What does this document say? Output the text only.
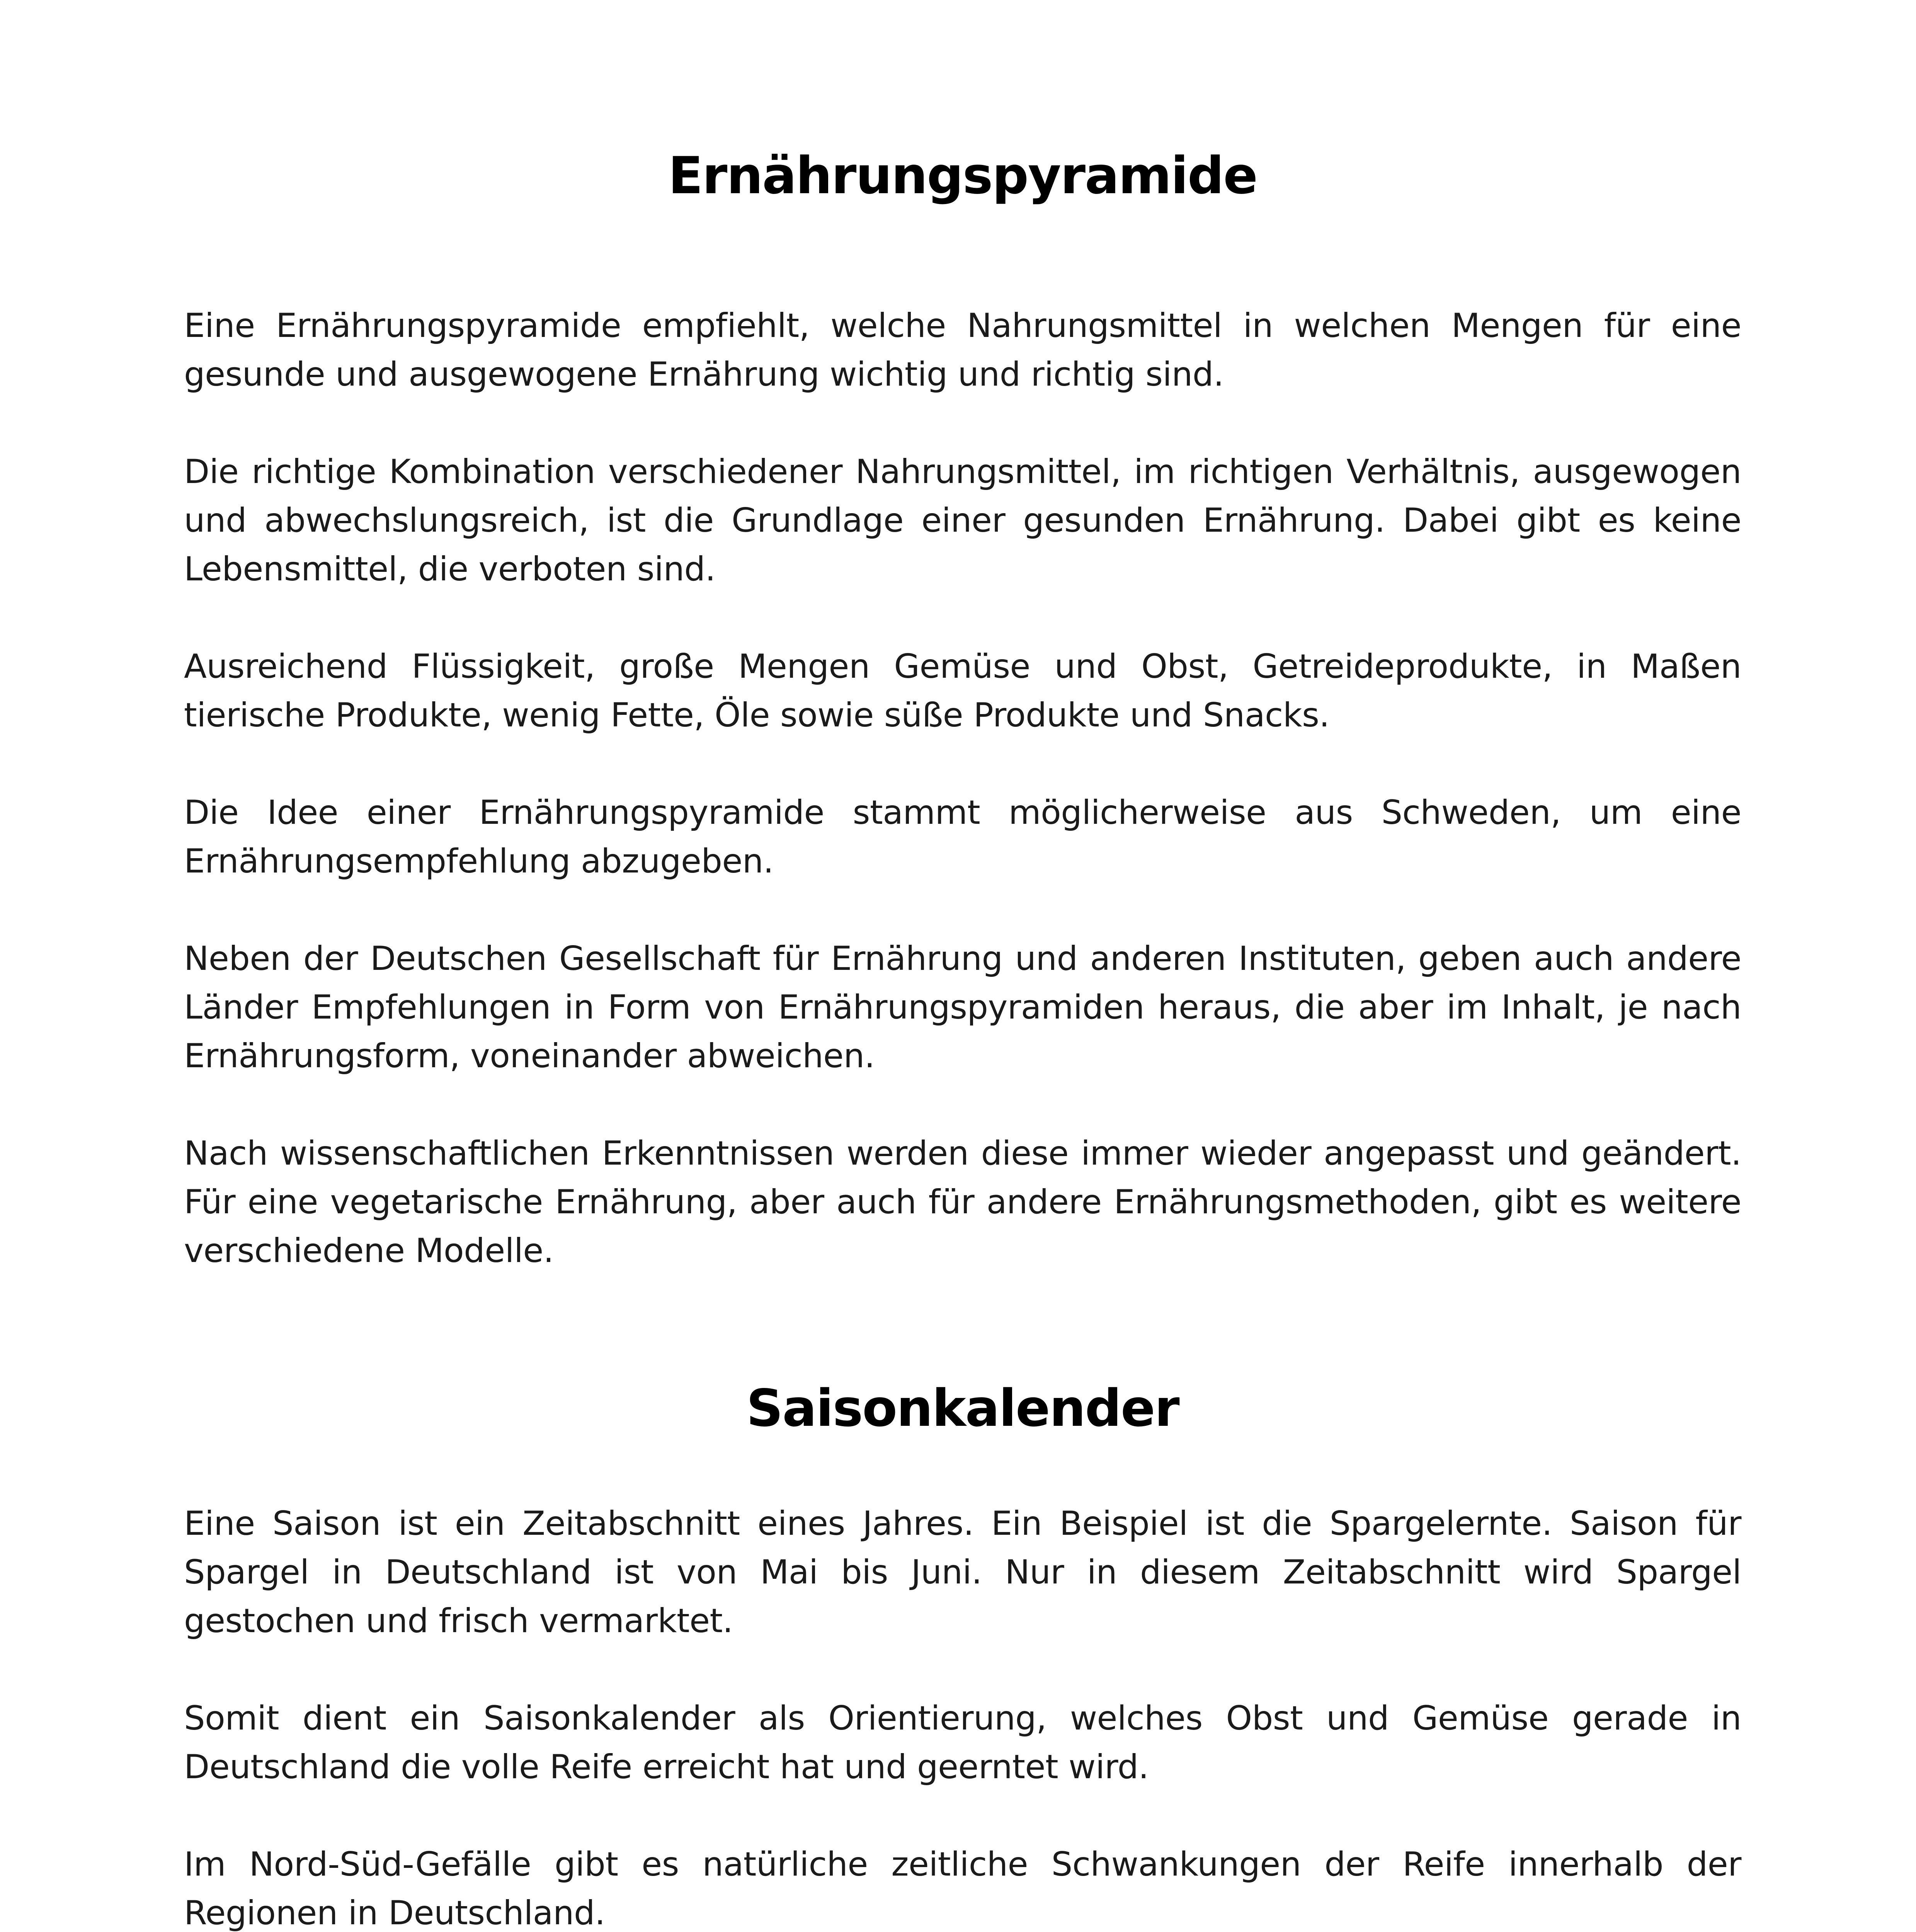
Ernährungspyramide

Eine Ernährungspyramide empfiehlt, welche Nahrungsmittel in welchen Mengen für eine gesunde und ausgewogene Ernährung wichtig und richtig sind.

Die richtige Kombination verschiedener Nahrungsmittel, im richtigen Verhältnis, ausgewogen und abwechslungsreich, ist die Grundlage einer gesunden Ernährung. Dabei gibt es keine Lebensmittel, die verboten sind.

Ausreichend Flüssigkeit, große Mengen Gemüse und Obst, Getreideprodukte, in Maßen tierische Produkte, wenig Fette, Öle sowie süße Produkte und Snacks.

Die Idee einer Ernährungspyramide stammt möglicherweise aus Schweden, um eine Ernährungsempfehlung abzugeben.

Neben der Deutschen Gesellschaft für Ernährung und anderen Instituten, geben auch andere Länder Empfehlungen in Form von Ernährungspyramiden heraus, die aber im Inhalt, je nach Ernährungsform, voneinander abweichen.

Nach wissenschaftlichen Erkenntnissen werden diese immer wieder angepasst und geändert. Für eine vegetarische Ernährung, aber auch für andere Ernährungsmethoden, gibt es weitere verschiedene Modelle.

Saisonkalender

Eine Saison ist ein Zeitabschnitt eines Jahres. Ein Beispiel ist die Spargelernte. Saison für Spargel in Deutschland ist von Mai bis Juni. Nur in diesem Zeitabschnitt wird Spargel gestochen und frisch vermarktet.

Somit dient ein Saisonkalender als Orientierung, welches Obst und Gemüse gerade in Deutschland die volle Reife erreicht hat und geerntet wird.

Im Nord-Süd-Gefälle gibt es natürliche zeitliche Schwankungen der Reife innerhalb der Regionen in Deutschland.
